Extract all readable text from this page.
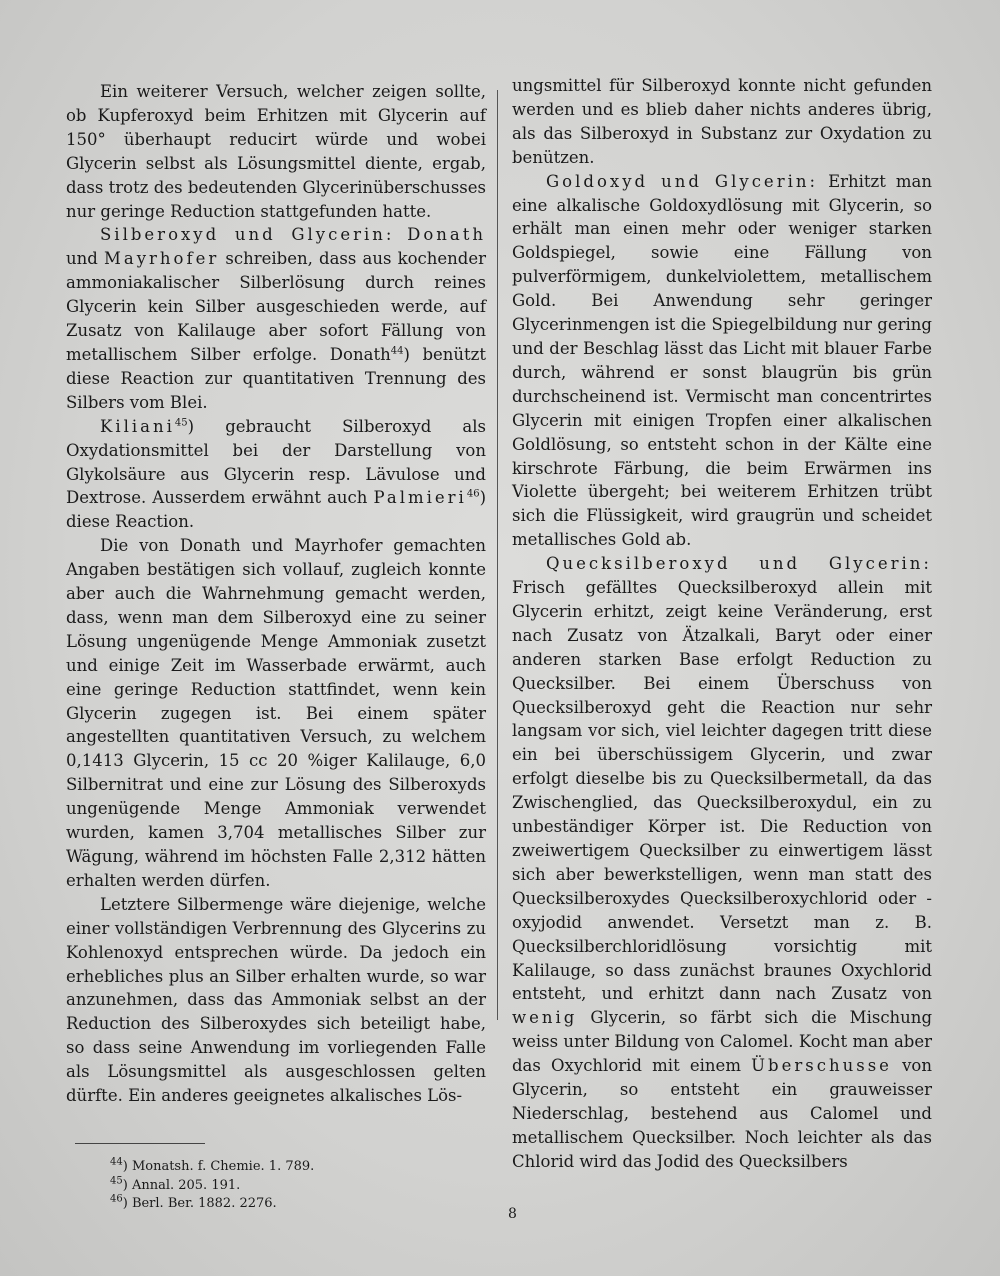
Ein weiterer Versuch, welcher zeigen sollte, ob Kupferoxyd beim Erhitzen mit Glycerin auf 150° überhaupt reducirt würde und wobei Glycerin selbst als Lösungsmittel diente, ergab, dass trotz des bedeutenden Glycerinüberschusses nur geringe Reduction stattgefunden hatte.

Silberoxyd und Glycerin: Donath und Mayrhofer schreiben, dass aus kochender ammoniakalischer Silberlösung durch reines Glycerin kein Silber ausgeschieden werde, auf Zusatz von Kalilauge aber sofort Fällung von metallischem Silber erfolge. Donath$^{44}$) benützt diese Reaction zur quantitativen Trennung des Silbers vom Blei.

Kiliani$^{45}$) gebraucht Silberoxyd als Oxydationsmittel bei der Darstellung von Glykolsäure aus Glycerin resp. Lävulose und Dextrose. Ausserdem erwähnt auch Palmieri$^{46}$) diese Reaction.

Die von Donath und Mayrhofer gemachten Angaben bestätigen sich vollauf, zugleich konnte aber auch die Wahrnehmung gemacht werden, dass, wenn man dem Silberoxyd eine zu seiner Lösung ungenügende Menge Ammoniak zusetzt und einige Zeit im Wasserbade erwärmt, auch eine geringe Reduction stattfindet, wenn kein Glycerin zugegen ist. Bei einem später angestellten quantitativen Versuch, zu welchem 0,1413 Glycerin, 15 cc 20 %iger Kalilauge, 6,0 Silbernitrat und eine zur Lösung des Silberoxyds ungenügende Menge Ammoniak verwendet wurden, kamen 3,704 metallisches Silber zur Wägung, während im höchsten Falle 2,312 hätten erhalten werden dürfen.

Letztere Silbermenge wäre diejenige, welche einer vollständigen Verbrennung des Glycerins zu Kohlenoxyd entsprechen würde. Da jedoch ein erhebliches plus an Silber erhalten wurde, so war anzunehmen, dass das Ammoniak selbst an der Reduction des Silberoxydes sich beteiligt habe, so dass seine Anwendung im vorliegenden Falle als Lösungsmittel als ausgeschlossen gelten dürfte. Ein anderes geeignetes alkalisches Lös-

ungsmittel für Silberoxyd konnte nicht gefunden werden und es blieb daher nichts anderes übrig, als das Silberoxyd in Substanz zur Oxydation zu benützen.

Goldoxyd und Glycerin: Erhitzt man eine alkalische Goldoxydlösung mit Glycerin, so erhält man einen mehr oder weniger starken Goldspiegel, sowie eine Fällung von pulverförmigem, dunkelviolettem, metallischem Gold. Bei Anwendung sehr geringer Glycerinmengen ist die Spiegelbildung nur gering und der Beschlag lässt das Licht mit blauer Farbe durch, während er sonst blaugrün bis grün durchscheinend ist. Vermischt man concentrirtes Glycerin mit einigen Tropfen einer alkalischen Goldlösung, so entsteht schon in der Kälte eine kirschrote Färbung, die beim Erwärmen ins Violette übergeht; bei weiterem Erhitzen trübt sich die Flüssigkeit, wird graugrün und scheidet metallisches Gold ab.

Quecksilberoxyd und Glycerin: Frisch gefälltes Quecksilberoxyd allein mit Glycerin erhitzt, zeigt keine Veränderung, erst nach Zusatz von Ätzalkali, Baryt oder einer anderen starken Base erfolgt Reduction zu Quecksilber. Bei einem Überschuss von Quecksilberoxyd geht die Reaction nur sehr langsam vor sich, viel leichter dagegen tritt diese ein bei überschüssigem Glycerin, und zwar erfolgt dieselbe bis zu Quecksilbermetall, da das Zwischenglied, das Quecksilberoxydul, ein zu unbeständiger Körper ist. Die Reduction von zweiwertigem Quecksilber zu einwertigem lässt sich aber bewerkstelligen, wenn man statt des Quecksilberoxydes Quecksilberoxychlorid oder -oxyjodid anwendet. Versetzt man z. B. Quecksilberchloridlösung vorsichtig mit Kalilauge, so dass zunächst braunes Oxychlorid entsteht, und erhitzt dann nach Zusatz von wenig Glycerin, so färbt sich die Mischung weiss unter Bildung von Calomel. Kocht man aber das Oxychlorid mit einem Überschusse von Glycerin, so entsteht ein grauweisser Niederschlag, bestehend aus Calomel und metallischem Quecksilber. Noch leichter als das Chlorid wird das Jodid des Quecksilbers

$^{44}$) Monatsh. f. Chemie. 1. 789.
$^{45}$) Annal. 205. 191.
$^{46}$) Berl. Ber. 1882. 2276.
8
